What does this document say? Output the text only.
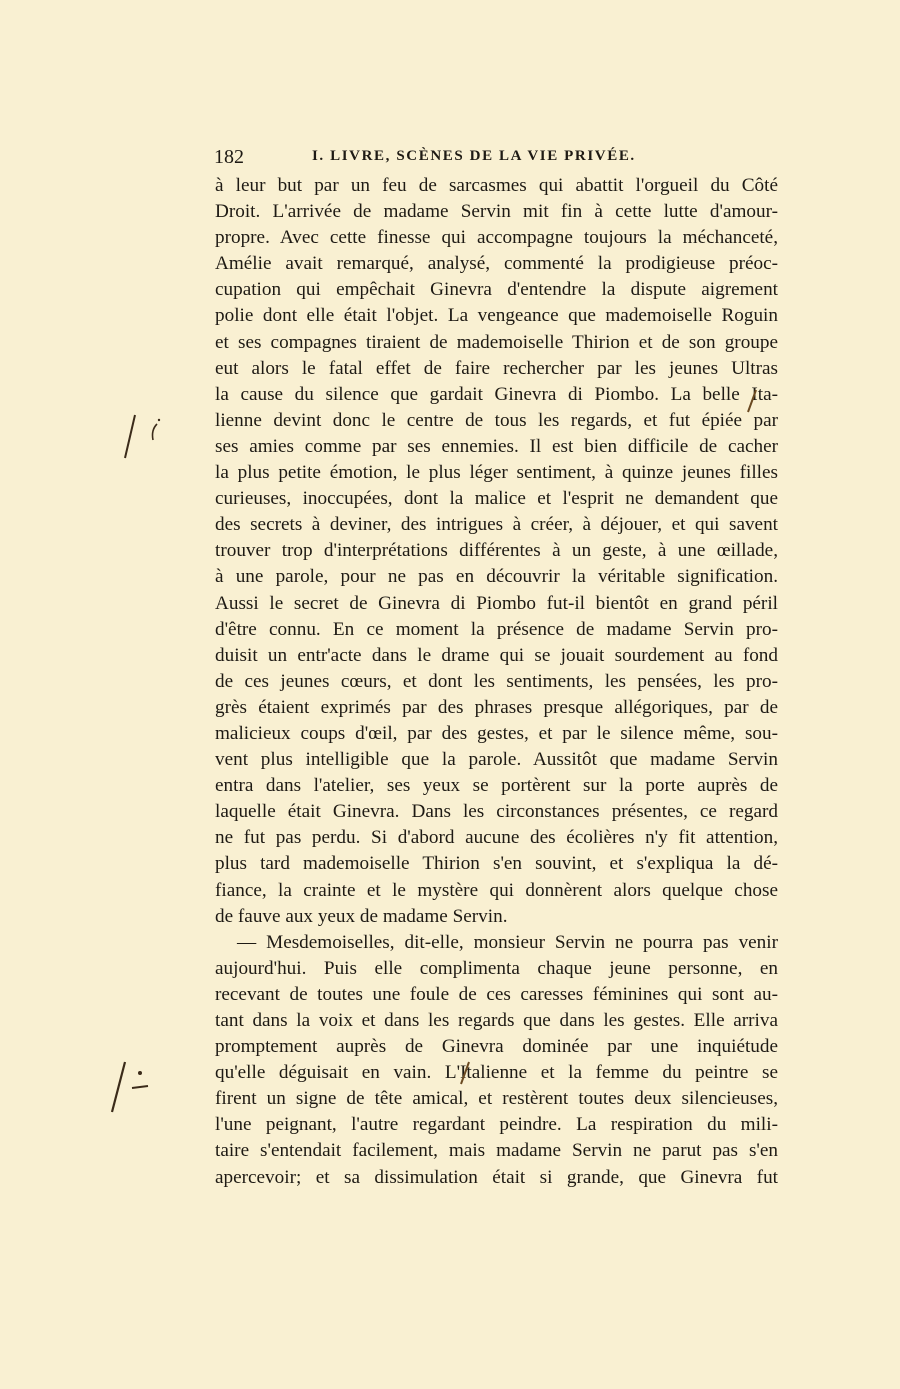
182	I. LIVRE, SCÈNES DE LA VIE PRIVÉE.
à leur but par un feu de sarcasmes qui abattit l'orgueil du Côté
Droit. L'arrivée de madame Servin mit fin à cette lutte d'amour-
propre. Avec cette finesse qui accompagne toujours la méchanceté,
Amélie avait remarqué, analysé, commenté la prodigieuse préoc-
cupation qui empêchait Ginevra d'entendre la dispute aigrement
polie dont elle était l'objet. La vengeance que mademoiselle Roguin
et ses compagnes tiraient de mademoiselle Thirion et de son groupe
eut alors le fatal effet de faire rechercher par les jeunes Ultras
la cause du silence que gardait Ginevra di Piombo. La belle Ita-
lienne devint donc le centre de tous les regards, et fut épiée par
ses amies comme par ses ennemies. Il est bien difficile de cacher
la plus petite émotion, le plus léger sentiment, à quinze jeunes filles
curieuses, inoccupées, dont la malice et l'esprit ne demandent que
des secrets à deviner, des intrigues à créer, à déjouer, et qui savent
trouver trop d'interprétations différentes à un geste, à une œillade,
à une parole, pour ne pas en découvrir la véritable signification.
Aussi le secret de Ginevra di Piombo fut-il bientôt en grand péril
d'être connu. En ce moment la présence de madame Servin pro-
duisit un entr'acte dans le drame qui se jouait sourdement au fond
de ces jeunes cœurs, et dont les sentiments, les pensées, les pro-
grès étaient exprimés par des phrases presque allégoriques, par de
malicieux coups d'œil, par des gestes, et par le silence même, sou-
vent plus intelligible que la parole. Aussitôt que madame Servin
entra dans l'atelier, ses yeux se portèrent sur la porte auprès de
laquelle était Ginevra. Dans les circonstances présentes, ce regard
ne fut pas perdu. Si d'abord aucune des écolières n'y fit attention,
plus tard mademoiselle Thirion s'en souvint, et s'expliqua la dé-
fiance, la crainte et le mystère qui donnèrent alors quelque chose
de fauve aux yeux de madame Servin.
— Mesdemoiselles, dit-elle, monsieur Servin ne pourra pas venir
aujourd'hui. Puis elle complimenta chaque jeune personne, en
recevant de toutes une foule de ces caresses féminines qui sont au-
tant dans la voix et dans les regards que dans les gestes. Elle arriva
promptement auprès de Ginevra dominée par une inquiétude
qu'elle déguisait en vain. L'Italienne et la femme du peintre se
firent un signe de tête amical, et restèrent toutes deux silencieuses,
l'une peignant, l'autre regardant peindre. La respiration du mili-
taire s'entendait facilement, mais madame Servin ne parut pas s'en
apercevoir; et sa dissimulation était si grande, que Ginevra fut
